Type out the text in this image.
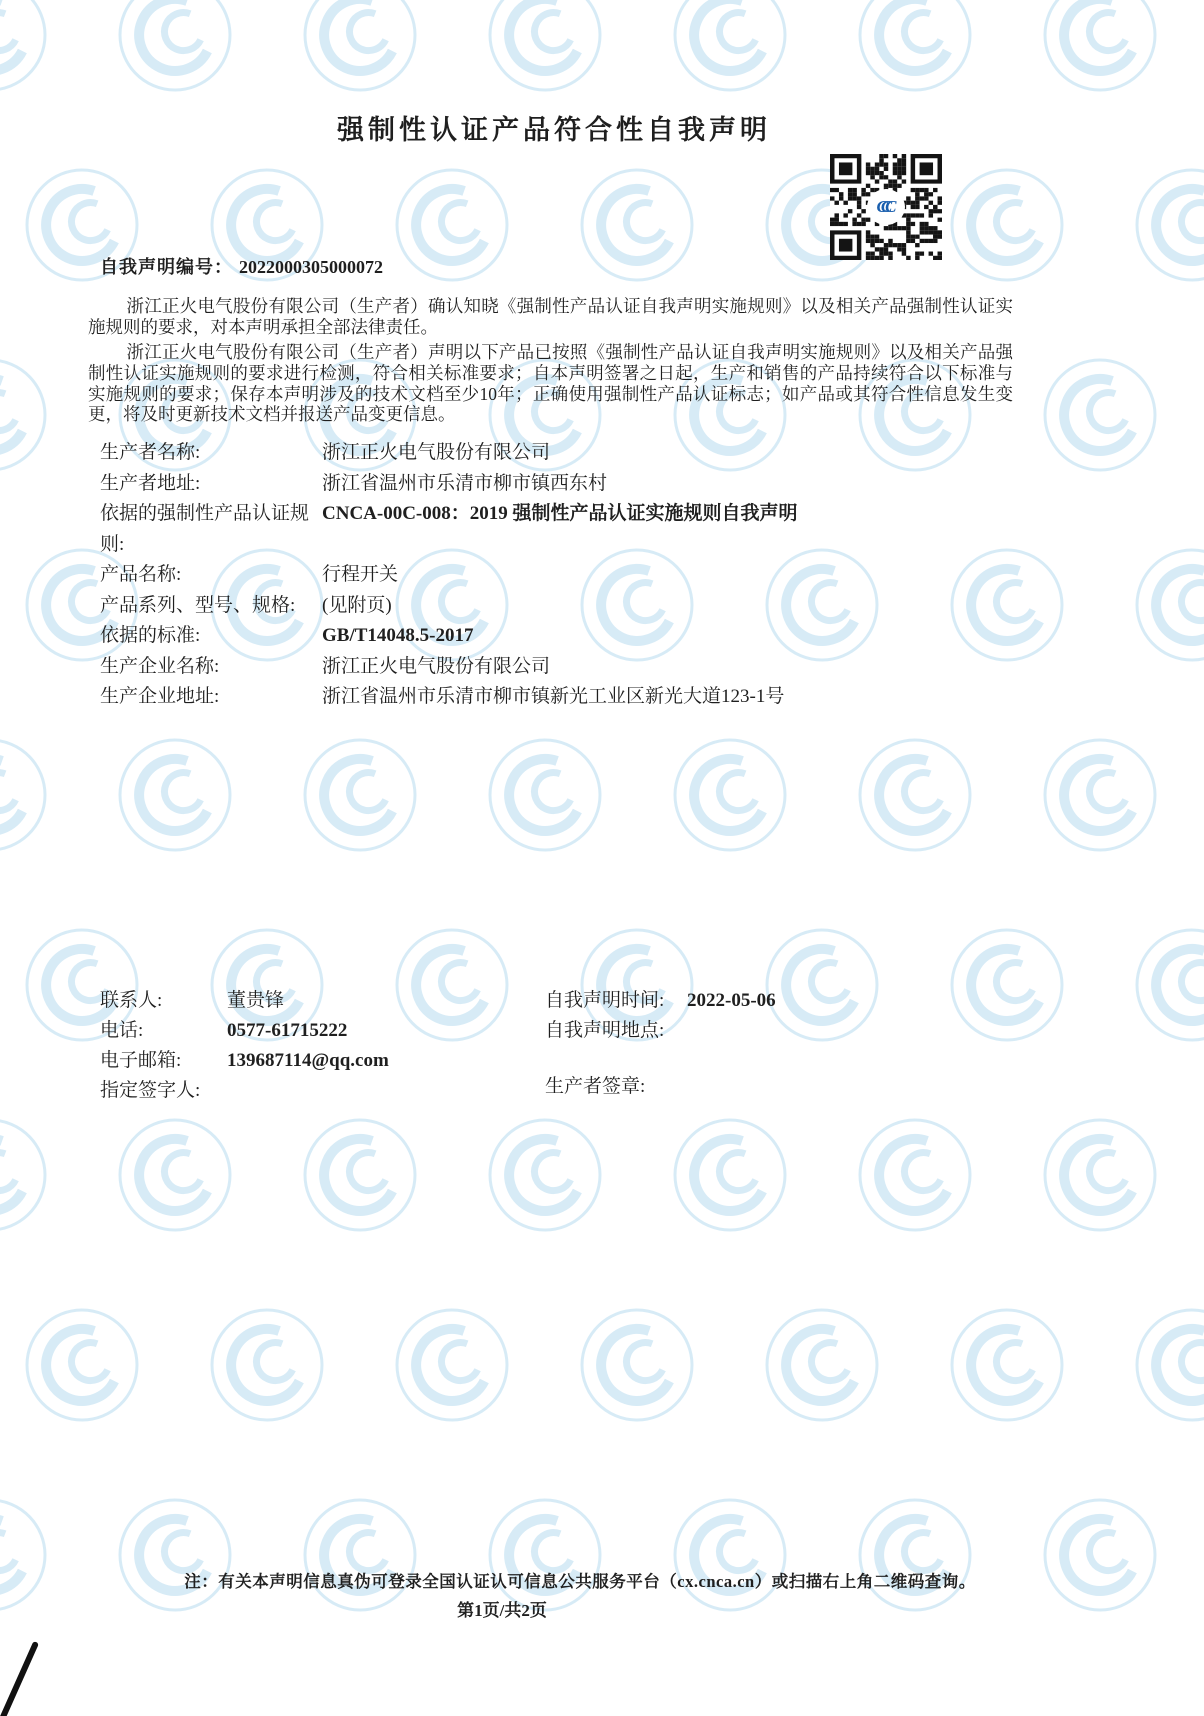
强制性认证产品符合性自我声明
CCC
自我声明编号： 2022000305000072

浙江正火电气股份有限公司（生产者）确认知晓《强制性产品认证自我声明实施规则》以及相关产品强制性认证实施规则的要求，对本声明承担全部法律责任。

浙江正火电气股份有限公司（生产者）声明以下产品已按照《强制性产品认证自我声明实施规则》以及相关产品强制性认证实施规则的要求进行检测，符合相关标准要求；自本声明签署之日起，生产和销售的产品持续符合以下标准与实施规则的要求；保存本声明涉及的技术文档至少10年；正确使用强制性产品认证标志；如产品或其符合性信息发生变更，将及时更新技术文档并报送产品变更信息。

生产者名称:	浙江正火电气股份有限公司
生产者地址:	浙江省温州市乐清市柳市镇西东村
依据的强制性产品认证规则:
CNCA-00C-008：2019 强制性产品认证实施规则自我声明
产品名称:	行程开关
产品系列、型号、规格:	(见附页)
依据的标准:	GB/T14048.5-2017
生产企业名称:	浙江正火电气股份有限公司
生产企业地址:	浙江省温州市乐清市柳市镇新光工业区新光大道123-1号
联系人:	董贵锋
电话:	0577-61715222
电子邮箱:	139687114@qq.com
指定签字人:
自我声明时间:	2022-05-06
自我声明地点:
生产者签章:
注：有关本声明信息真伪可登录全国认证认可信息公共服务平台（cx.cnca.cn）或扫描右上角二维码查询。
第1页/共2页
